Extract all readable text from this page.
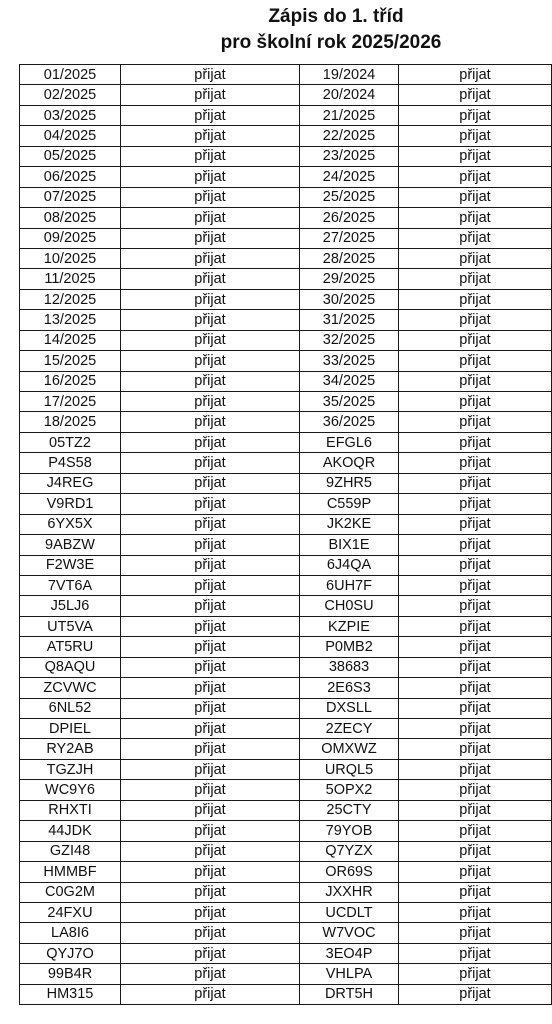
Zápis do 1. tříd
pro školní rok 2025/2026
01/2025	přijat	19/2024	přijat
02/2025	přijat	20/2024	přijat
03/2025	přijat	21/2025	přijat
04/2025	přijat	22/2025	přijat
05/2025	přijat	23/2025	přijat
06/2025	přijat	24/2025	přijat
07/2025	přijat	25/2025	přijat
08/2025	přijat	26/2025	přijat
09/2025	přijat	27/2025	přijat
10/2025	přijat	28/2025	přijat
11/2025	přijat	29/2025	přijat
12/2025	přijat	30/2025	přijat
13/2025	přijat	31/2025	přijat
14/2025	přijat	32/2025	přijat
15/2025	přijat	33/2025	přijat
16/2025	přijat	34/2025	přijat
17/2025	přijat	35/2025	přijat
18/2025	přijat	36/2025	přijat
05TZ2	přijat	EFGL6	přijat
P4S58	přijat	AKOQR	přijat
J4REG	přijat	9ZHR5	přijat
V9RD1	přijat	C559P	přijat
6YX5X	přijat	JK2KE	přijat
9ABZW	přijat	BIX1E	přijat
F2W3E	přijat	6J4QA	přijat
7VT6A	přijat	6UH7F	přijat
J5LJ6	přijat	CH0SU	přijat
UT5VA	přijat	KZPIE	přijat
AT5RU	přijat	P0MB2	přijat
Q8AQU	přijat	38683	přijat
ZCVWC	přijat	2E6S3	přijat
6NL52	přijat	DXSLL	přijat
DPIEL	přijat	2ZECY	přijat
RY2AB	přijat	OMXWZ	přijat
TGZJH	přijat	URQL5	přijat
WC9Y6	přijat	5OPX2	přijat
RHXTI	přijat	25CTY	přijat
44JDK	přijat	79YOB	přijat
GZI48	přijat	Q7YZX	přijat
HMMBF	přijat	OR69S	přijat
C0G2M	přijat	JXXHR	přijat
24FXU	přijat	UCDLT	přijat
LA8I6	přijat	W7VOC	přijat
QYJ7O	přijat	3EO4P	přijat
99B4R	přijat	VHLPA	přijat
HM315	přijat	DRT5H	přijat
